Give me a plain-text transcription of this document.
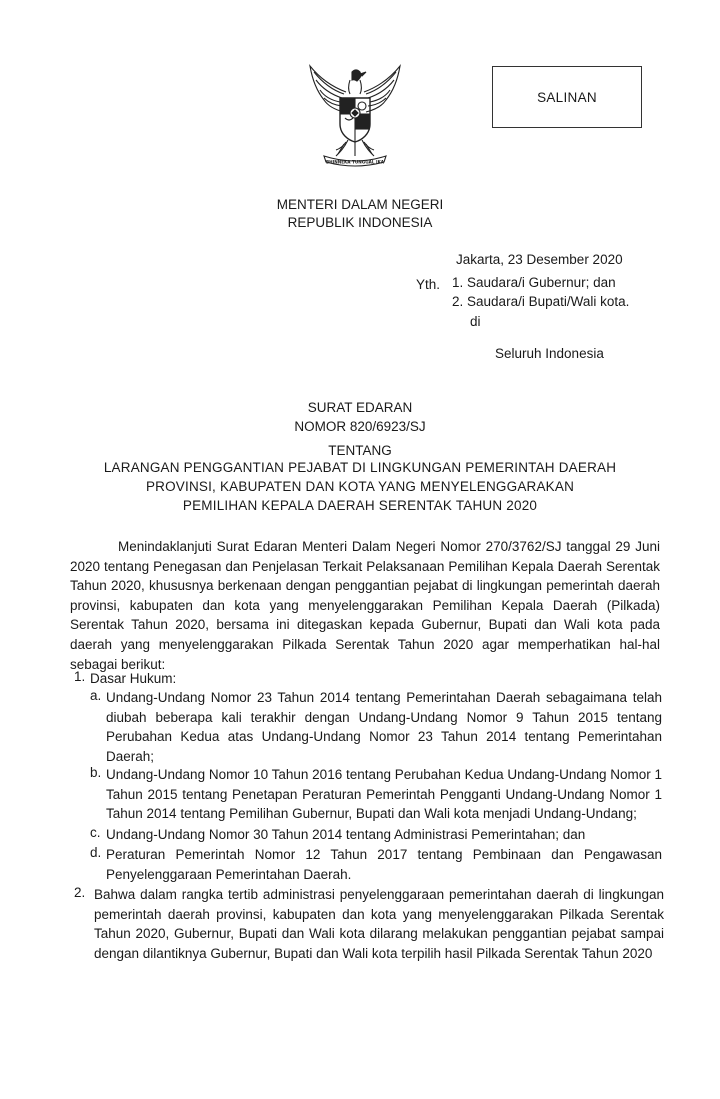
BHINNEKA TUNGGAL IKA
SALINAN
MENTERI DALAM NEGERI
REPUBLIK INDONESIA
Jakarta, 23 Desember 2020
Yth. 1. Saudara/i Gubernur; dan
2. Saudara/i Bupati/Wali kota.
di
Seluruh Indonesia
SURAT EDARAN
NOMOR 820/6923/SJ
TENTANG
LARANGAN PENGGANTIAN PEJABAT DI LINGKUNGAN PEMERINTAH DAERAH
PROVINSI, KABUPATEN DAN KOTA YANG MENYELENGGARAKAN
PEMILIHAN KEPALA DAERAH SERENTAK TAHUN 2020
Menindaklanjuti Surat Edaran Menteri Dalam Negeri Nomor 270/3762/SJ tanggal 29 Juni 2020 tentang Penegasan dan Penjelasan Terkait Pelaksanaan Pemilihan Kepala Daerah Serentak Tahun 2020, khususnya berkenaan dengan penggantian pejabat di lingkungan pemerintah daerah provinsi, kabupaten dan kota yang menyelenggarakan Pemilihan Kepala Daerah (Pilkada) Serentak Tahun 2020, bersama ini ditegaskan kepada Gubernur, Bupati dan Wali kota pada daerah yang menyelenggarakan Pilkada Serentak Tahun 2020 agar memperhatikan hal-hal sebagai berikut:
1. Dasar Hukum:
a. Undang-Undang Nomor 23 Tahun 2014 tentang Pemerintahan Daerah sebagaimana telah diubah beberapa kali terakhir dengan Undang-Undang Nomor 9 Tahun 2015 tentang Perubahan Kedua atas Undang-Undang Nomor 23 Tahun 2014 tentang Pemerintahan Daerah;
b. Undang-Undang Nomor 10 Tahun 2016 tentang Perubahan Kedua Undang-Undang Nomor 1 Tahun 2015 tentang Penetapan Peraturan Pemerintah Pengganti Undang-Undang Nomor 1 Tahun 2014 tentang Pemilihan Gubernur, Bupati dan Wali kota menjadi Undang-Undang;
c. Undang-Undang Nomor 30 Tahun 2014 tentang Administrasi Pemerintahan; dan
d. Peraturan Pemerintah Nomor 12 Tahun 2017 tentang Pembinaan dan Pengawasan Penyelenggaraan Pemerintahan Daerah.
2. Bahwa dalam rangka tertib administrasi penyelenggaraan pemerintahan daerah di lingkungan pemerintah daerah provinsi, kabupaten dan kota yang menyelenggarakan Pilkada Serentak Tahun 2020, Gubernur, Bupati dan Wali kota dilarang melakukan penggantian pejabat sampai dengan dilantiknya Gubernur, Bupati dan Wali kota terpilih hasil Pilkada Serentak Tahun 2020
